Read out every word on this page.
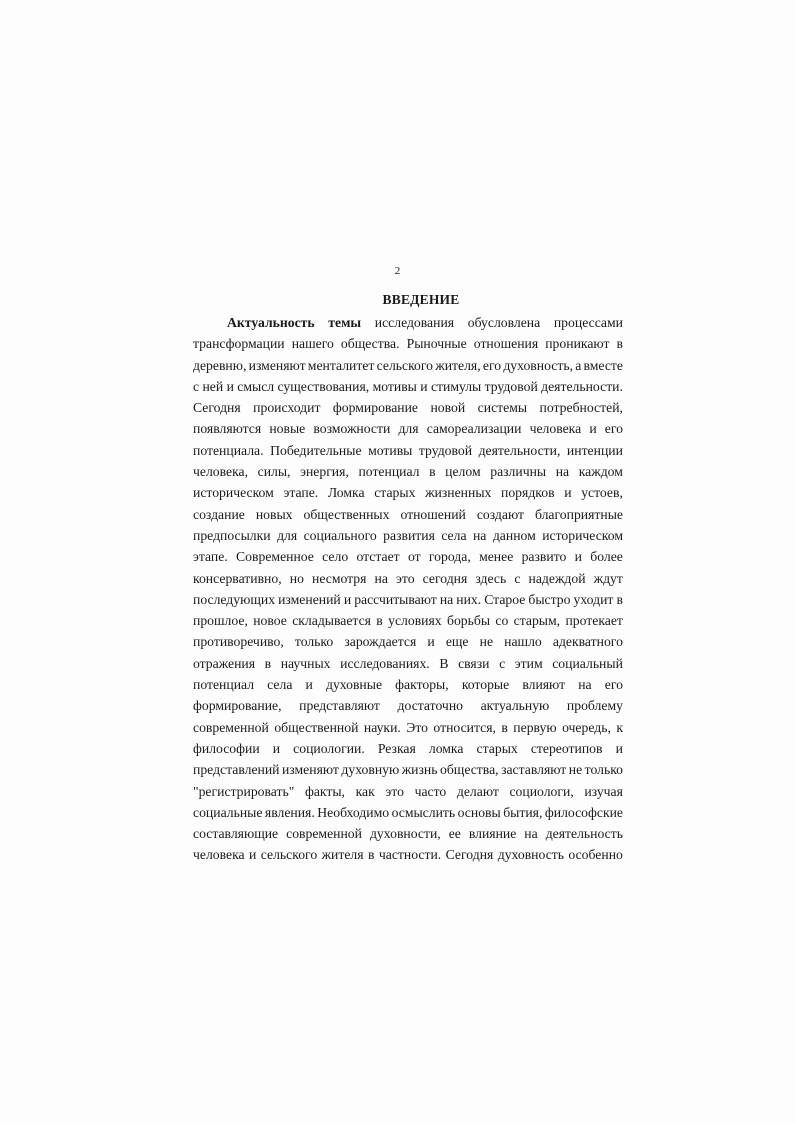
2
ВВЕДЕНИЕ
Актуальность темы исследования обусловлена процессами
трансформации нашего общества. Рыночные отношения проникают в
деревню, изменяют менталитет сельского жителя, его духовность, а вместе
с ней и смысл существования, мотивы и стимулы трудовой деятельности.
Сегодня происходит формирование новой системы потребностей,
появляются новые возможности для самореализации человека и его
потенциала. Победительные мотивы трудовой деятельности, интенции
человека, силы, энергия, потенциал в целом различны на каждом
историческом этапе. Ломка старых жизненных порядков и устоев,
создание новых общественных отношений создают благоприятные
предпосылки для социального развития села на данном историческом
этапе. Современное село отстает от города, менее развито и более
консервативно, но несмотря на это сегодня здесь с надеждой ждут
последующих изменений и рассчитывают на них. Старое быстро уходит в
прошлое, новое складывается в условиях борьбы со старым, протекает
противоречиво, только зарождается и еще не нашло адекватного
отражения в научных исследованиях. В связи с этим социальный
потенциал села и духовные факторы, которые влияют на его
формирование, представляют достаточно актуальную проблему
современной общественной науки. Это относится, в первую очередь, к
философии и социологии. Резкая ломка старых стереотипов и
представлений изменяют духовную жизнь общества, заставляют не только
"регистрировать" факты, как это часто делают социологи, изучая
социальные явления. Необходимо осмыслить основы бытия, философские
составляющие современной духовности, ее влияние на деятельность
человека и сельского жителя в частности. Сегодня духовность особенно
